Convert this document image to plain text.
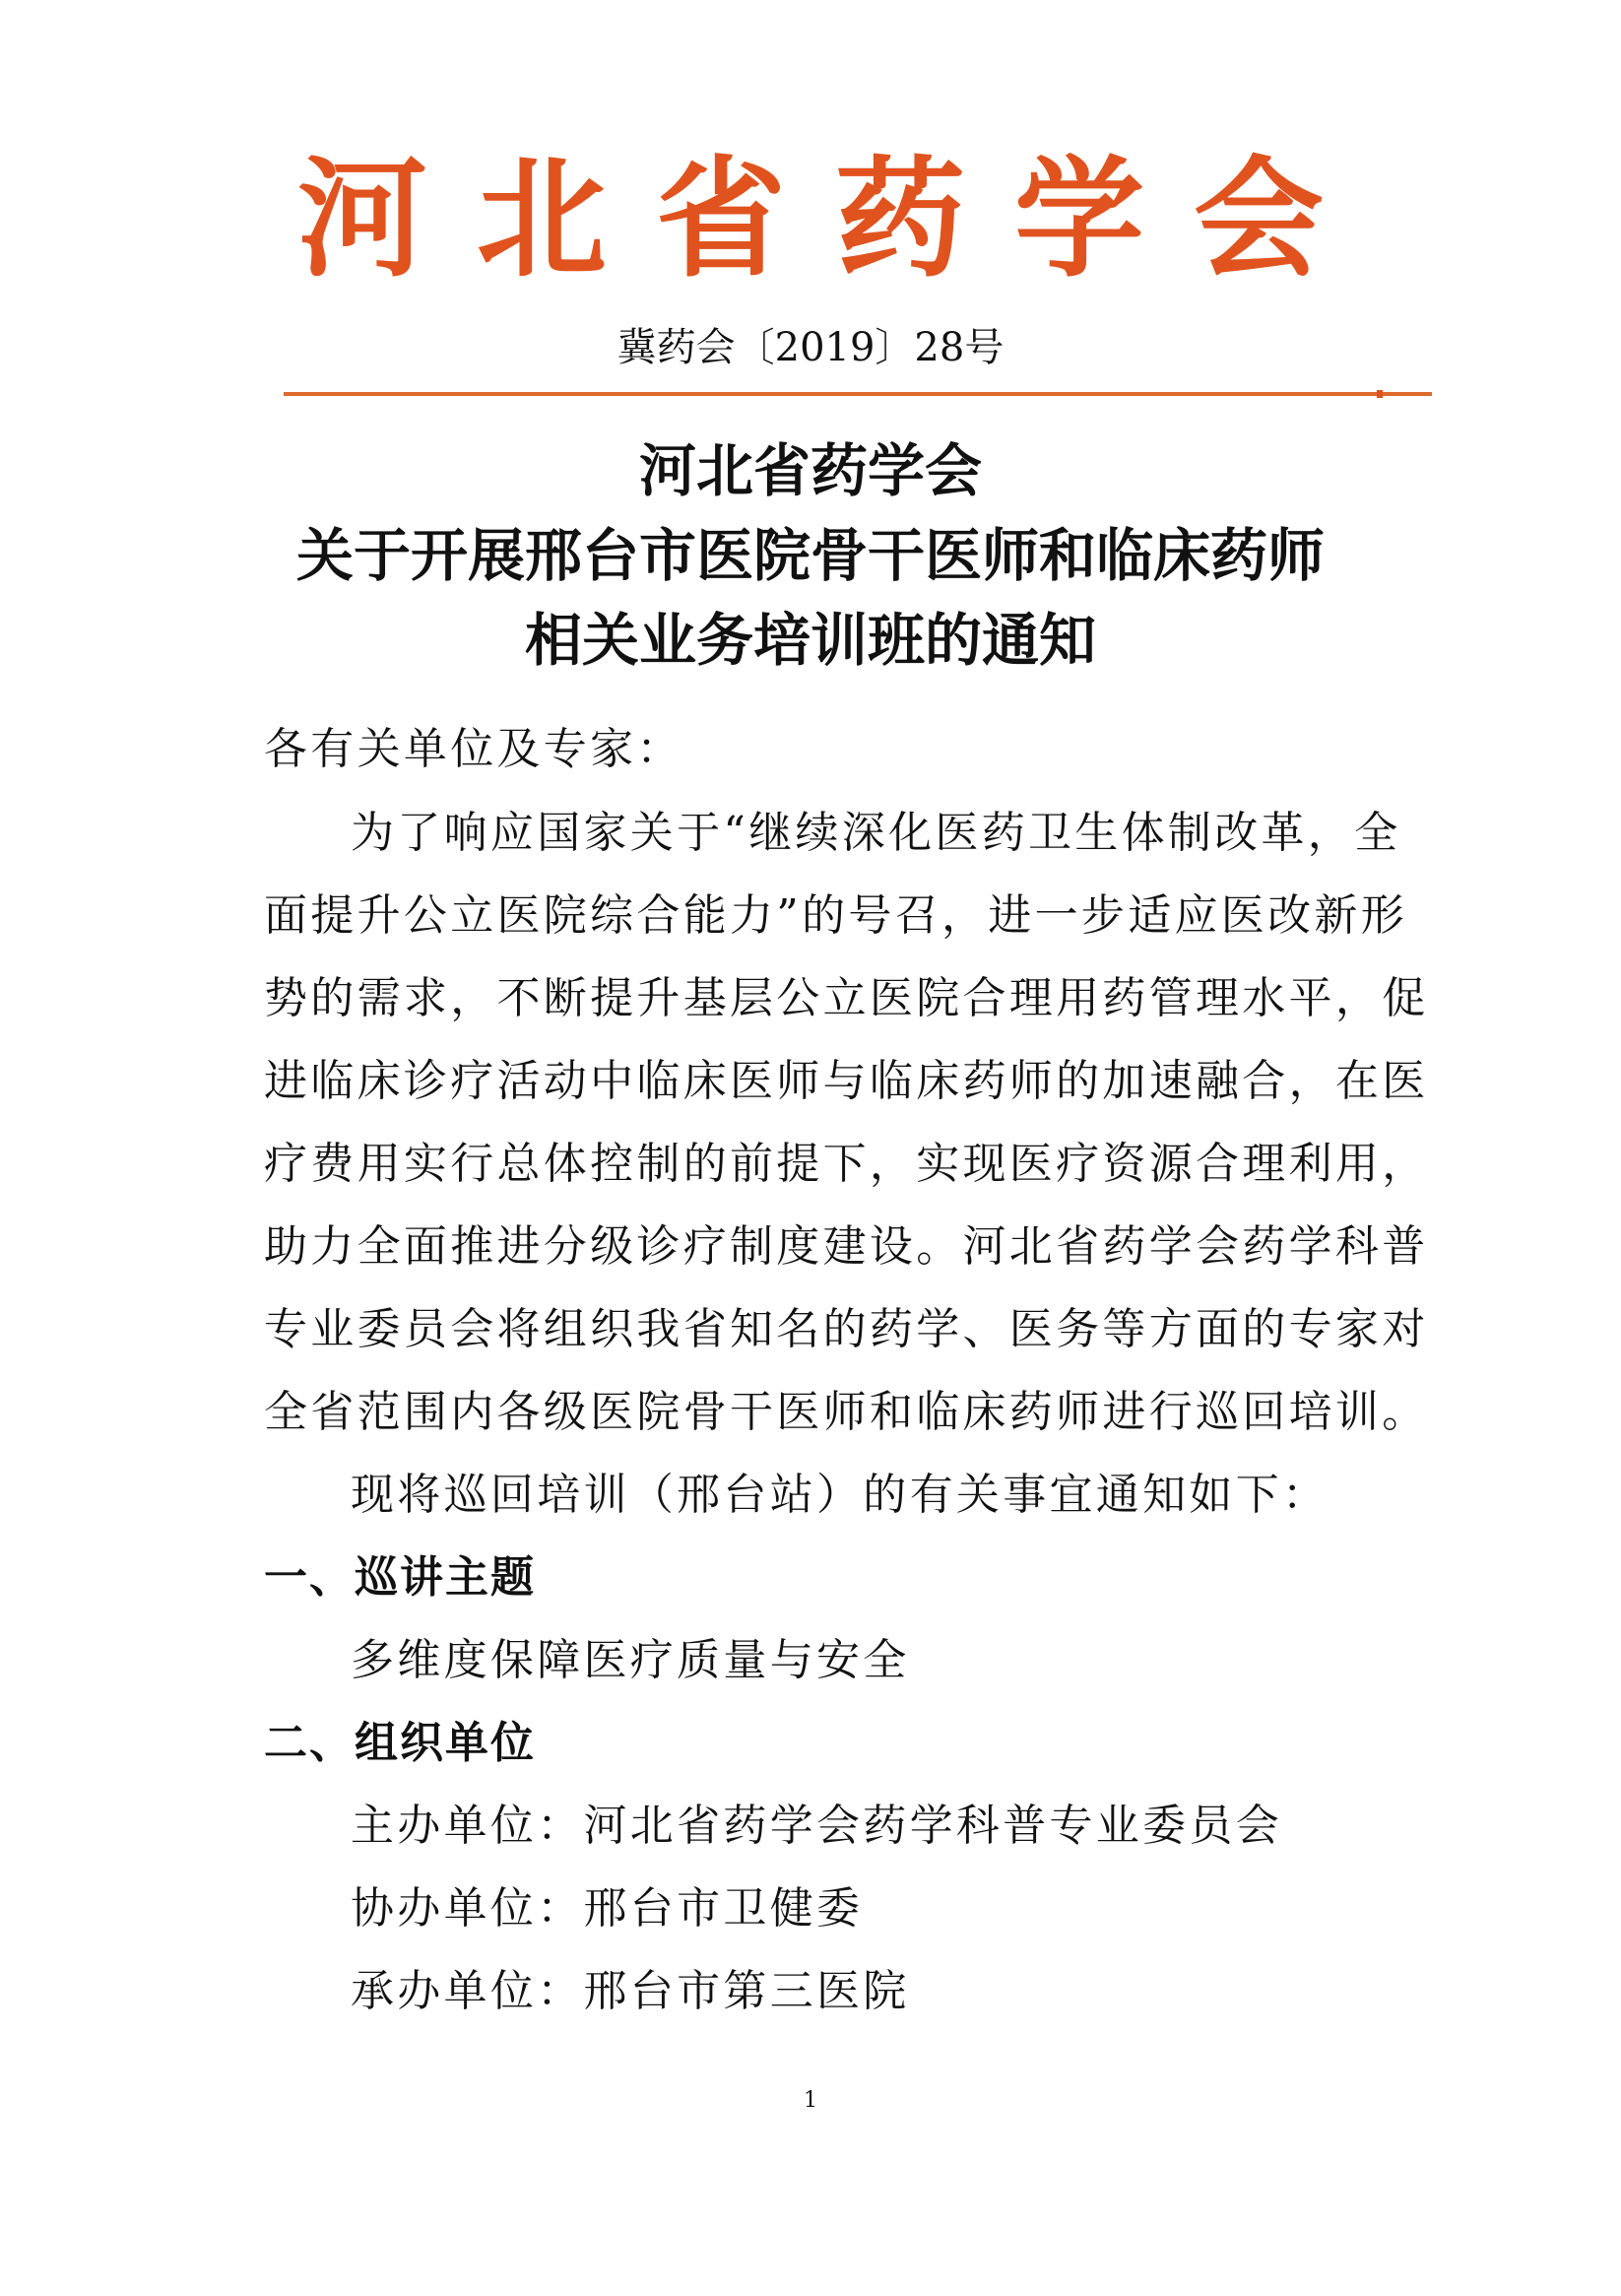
河北省药学会
冀药会〔2019〕28号
河北省药学会
关于开展邢台市医院骨干医师和临床药师
相关业务培训班的通知
各有关单位及专家：
为了响应国家关于“继续深化医药卫生体制改革，全
面提升公立医院综合能力”的号召，进一步适应医改新形
势的需求，不断提升基层公立医院合理用药管理水平，促
进临床诊疗活动中临床医师与临床药师的加速融合，在医
疗费用实行总体控制的前提下，实现医疗资源合理利用，
助力全面推进分级诊疗制度建设。河北省药学会药学科普
专业委员会将组织我省知名的药学、医务等方面的专家对
全省范围内各级医院骨干医师和临床药师进行巡回培训。
现将巡回培训（邢台站）的有关事宜通知如下：
一、巡讲主题
多维度保障医疗质量与安全
二、组织单位
主办单位：河北省药学会药学科普专业委员会
协办单位：邢台市卫健委
承办单位：邢台市第三医院
1
